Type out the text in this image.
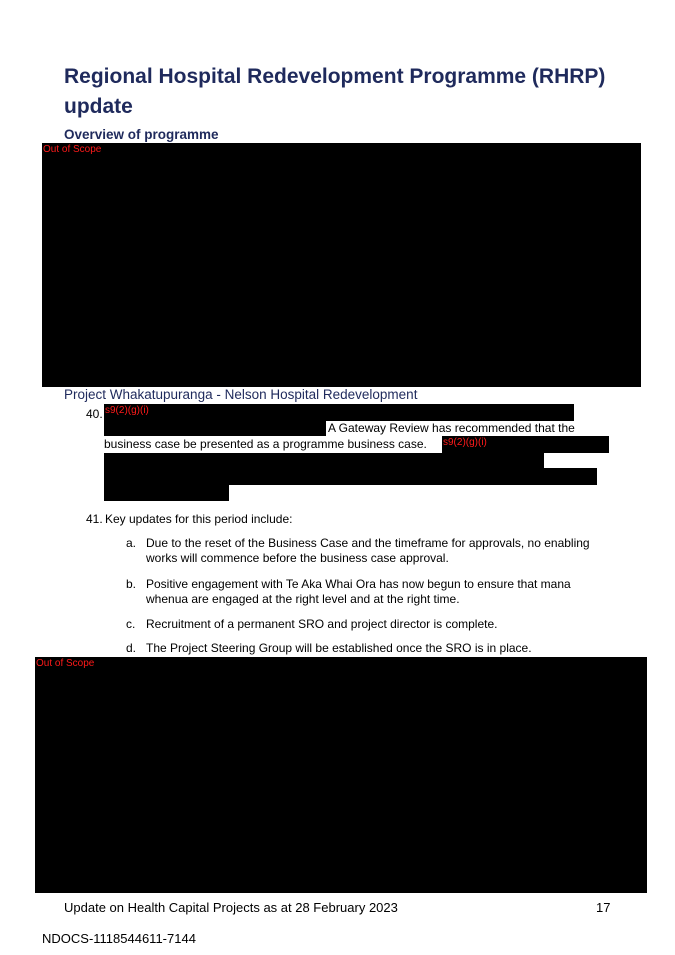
Regional Hospital Redevelopment Programme (RHRP) update
Overview of programme
Out of Scope
Project Whakatupuranga - Nelson Hospital Redevelopment
40. s9(2)(g)(i)
A Gateway Review has recommended that the
business case be presented as a programme business case. s9(2)(g)(i)
41. Key updates for this period include:
a. Due to the reset of the Business Case and the timeframe for approvals, no enabling
works will commence before the business case approval.
b. Positive engagement with Te Aka Whai Ora has now begun to ensure that mana
whenua are engaged at the right level and at the right time.
c. Recruitment of a permanent SRO and project director is complete.
d. The Project Steering Group will be established once the SRO is in place.
Out of Scope
Update on Health Capital Projects as at 28 February 2023	17
NDOCS-1118544611-7144
